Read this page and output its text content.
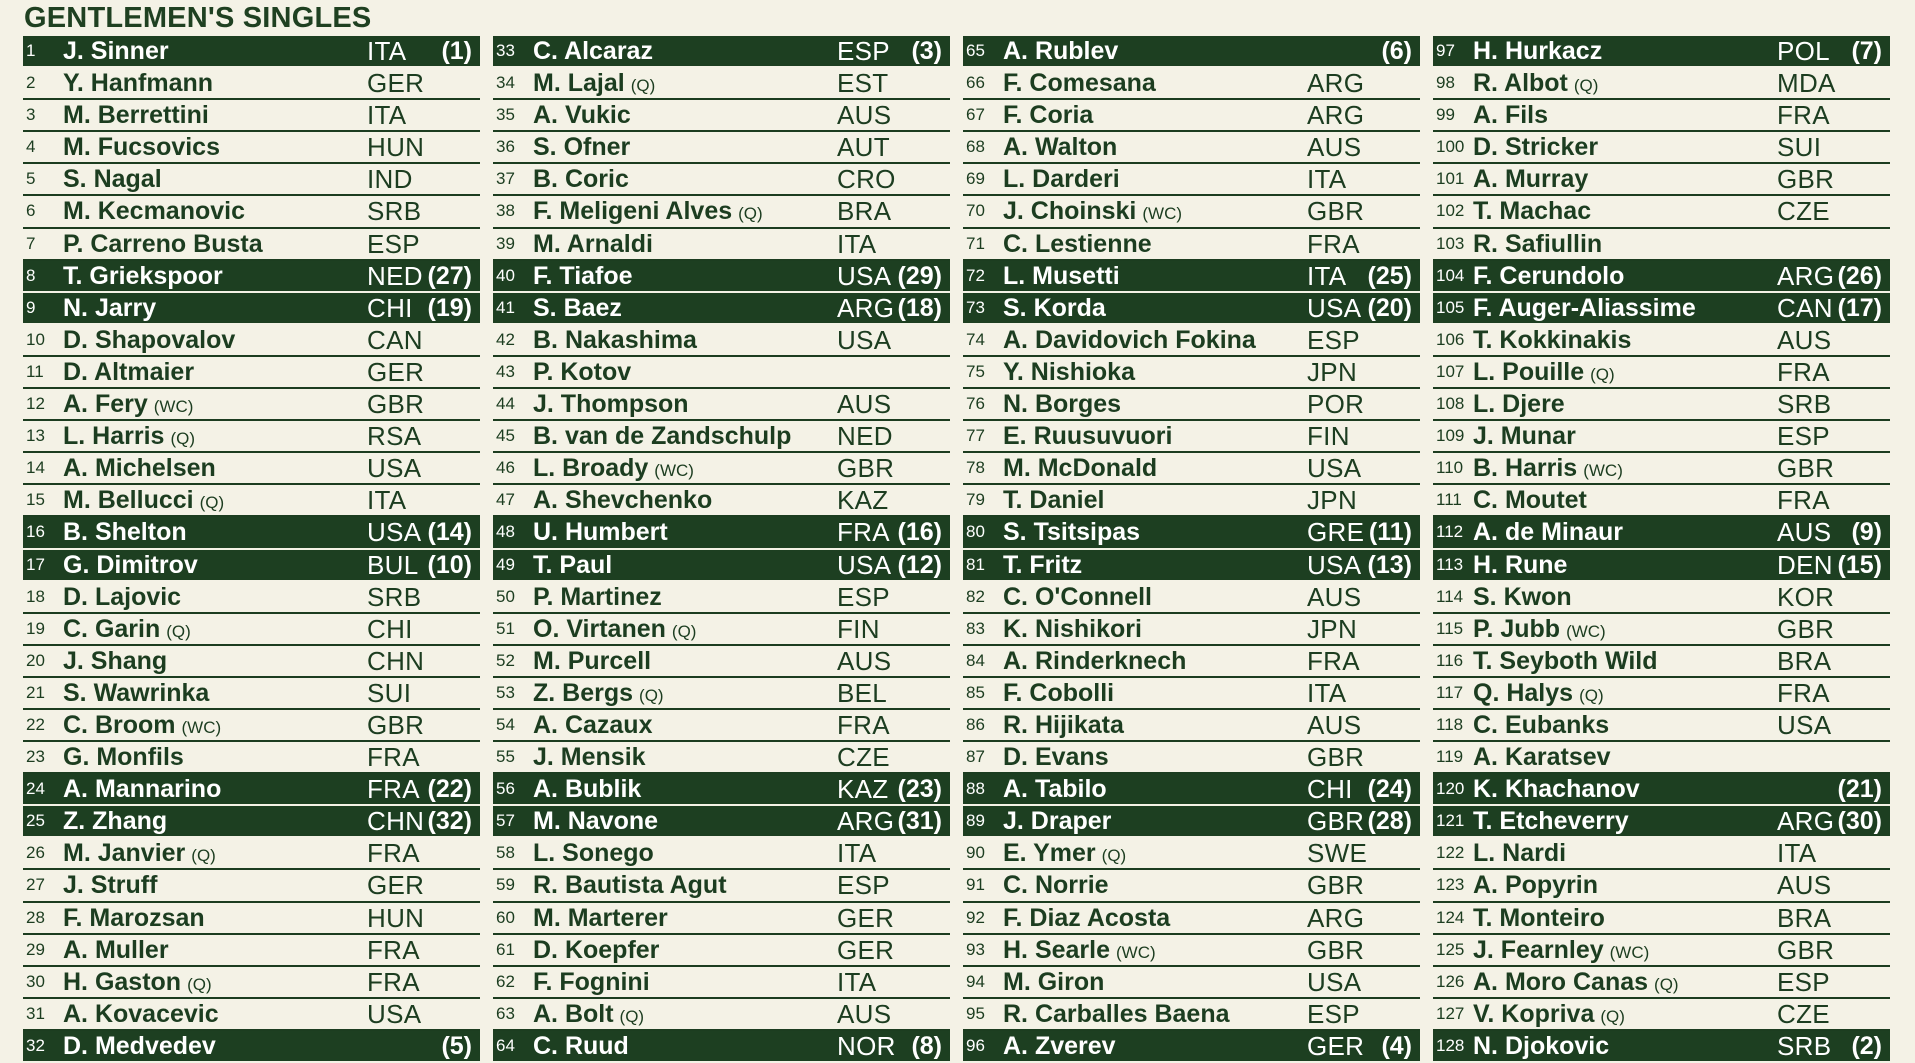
GENTLEMEN'S SINGLES
1	J. Sinner	ITA (1)
2	Y. Hanfmann	GER
3	M. Berrettini	ITA
4	M. Fucsovics	HUN
5	S. Nagal	IND
6	M. Kecmanovic	SRB
7	P. Carreno Busta	ESP
8	T. Griekspoor	NED (27)
9	N. Jarry	CHI (19)
10 D. Shapovalov	CAN
11 D. Altmaier	GER
12 A. Fery (WC)	GBR
13 L. Harris (Q)	RSA
14 A. Michelsen	USA
15 M. Bellucci (Q)	ITA
16 B. Shelton	USA (14)
17 G. Dimitrov	BUL (10)
18 D. Lajovic	SRB
19 C. Garin (Q)	CHI
20 J. Shang	CHN
21 S. Wawrinka	SUI
22 C. Broom (WC)	GBR
23 G. Monfils	FRA
24 A. Mannarino	FRA (22)
25 Z. Zhang	CHN (32)
26 M. Janvier (Q)	FRA
27 J. Struff	GER
28 F. Marozsan	HUN
29 A. Muller	FRA
30 H. Gaston (Q)	FRA
31 A. Kovacevic	USA
32 D. Medvedev	(5)
33 C. Alcaraz	ESP (3)
34 M. Lajal (Q)	EST
35 A. Vukic	AUS
36 S. Ofner	AUT
37 B. Coric	CRO
38 F. Meligeni Alves (Q)	BRA
39 M. Arnaldi	ITA
40 F. Tiafoe	USA (29)
41 S. Baez	ARG (18)
42 B. Nakashima	USA
43 P. Kotov
44 J. Thompson	AUS
45 B. van de Zandschulp NED
46 L. Broady (WC)	GBR
47 A. Shevchenko	KAZ
48 U. Humbert	FRA (16)
49 T. Paul	USA (12)
50 P. Martinez	ESP
51 O. Virtanen (Q)	FIN
52 M. Purcell	AUS
53 Z. Bergs (Q)	BEL
54 A. Cazaux	FRA
55 J. Mensik	CZE
56 A. Bublik	KAZ (23)
57 M. Navone	ARG (31)
58 L. Sonego	ITA
59 R. Bautista Agut	ESP
60 M. Marterer	GER
61 D. Koepfer	GER
62 F. Fognini	ITA
63 A. Bolt (Q)	AUS
64 C. Ruud	NOR (8)
65 A. Rublev	(6)
66 F. Comesana	ARG
67 F. Coria	ARG
68 A. Walton	AUS
69 L. Darderi	ITA
70 J. Choinski (WC)	GBR
71 C. Lestienne	FRA
72 L. Musetti	ITA (25)
73 S. Korda	USA (20)
74 A. Davidovich Fokina ESP
75 Y. Nishioka	JPN
76 N. Borges	POR
77 E. Ruusuvuori	FIN
78 M. McDonald	USA
79 T. Daniel	JPN
80 S. Tsitsipas	GRE (11)
81 T. Fritz	USA (13)
82 C. O'Connell	AUS
83 K. Nishikori	JPN
84 A. Rinderknech	FRA
85 F. Cobolli	ITA
86 R. Hijikata	AUS
87 D. Evans	GBR
88 A. Tabilo	CHI (24)
89 J. Draper	GBR (28)
90 E. Ymer (Q)	SWE
91 C. Norrie	GBR
92 F. Diaz Acosta	ARG
93 H. Searle (WC)	GBR
94 M. Giron	USA
95 R. Carballes Baena	ESP
96 A. Zverev	GER (4)
97 H. Hurkacz	POL (7)
98 R. Albot (Q)	MDA
99 A. Fils	FRA
100 D. Stricker	SUI
101 A. Murray	GBR
102 T. Machac	CZE
103 R. Safiullin
104 F. Cerundolo	ARG (26)
105 F. Auger-Aliassime	CAN (17)
106 T. Kokkinakis	AUS
107 L. Pouille (Q)	FRA
108 L. Djere	SRB
109 J. Munar	ESP
110 B. Harris (WC)	GBR
111 C. Moutet	FRA
112 A. de Minaur	AUS (9)
113 H. Rune	DEN (15)
114 S. Kwon	KOR
115 P. Jubb (WC)	GBR
116 T. Seyboth Wild	BRA
117 Q. Halys (Q)	FRA
118 C. Eubanks	USA
119 A. Karatsev
120 K. Khachanov	(21)
121 T. Etcheverry	ARG (30)
122 L. Nardi	ITA
123 A. Popyrin	AUS
124 T. Monteiro	BRA
125 J. Fearnley (WC)	GBR
126 A. Moro Canas (Q)	ESP
127 V. Kopriva (Q)	CZE
128 N. Djokovic	SRB (2)
